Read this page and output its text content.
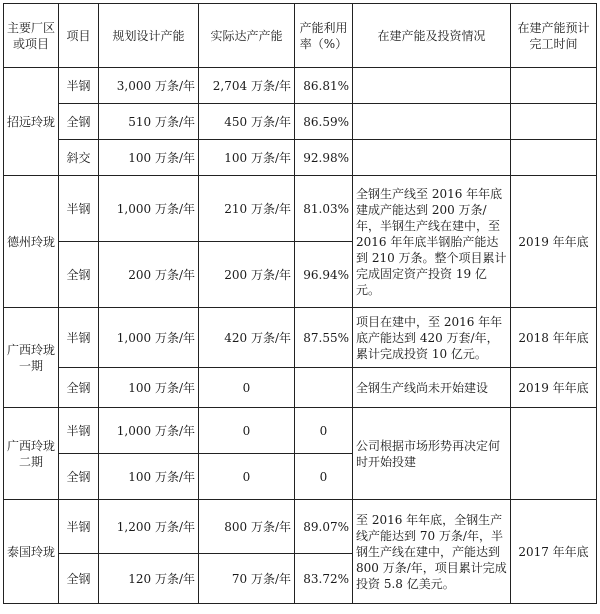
主要厂区或项目	项目	规划设计产能	实际达产产能	产能利用率（%）	在建产能及投资情况	在建产能预计完工时间
招远玲珑	半钢	3,000 万条/年	2,704 万条/年	86.81%		
	全钢	510 万条/年	450 万条/年	86.59%		
	斜交	100 万条/年	100 万条/年	92.98%		
德州玲珑	半钢	1,000 万条/年	210 万条/年	81.03%	全钢生产线至 2016 年年底建成产能达到 200 万条/年，半钢生产线在建中，至 2016 年年底半钢胎产能达到 210 万条。整个项目累计完成固定资产投资 19 亿元。	2019 年年底
	全钢	200 万条/年	200 万条/年	96.94%		
广西玲珑一期	半钢	1,000 万条/年	420 万条/年	87.55%	项目在建中，至 2016 年年底产能达到 420 万套/年，累计完成投资 10 亿元。	2018 年年底
	全钢	100 万条/年	0		全钢生产线尚未开始建设	2019 年年底
广西玲珑二期	半钢	1,000 万条/年	0	0	公司根据市场形势再决定何时开始投建	
	全钢	100 万条/年	0	0		
泰国玲珑	半钢	1,200 万条/年	800 万条/年	89.07%	至 2016 年年底，全钢生产线产能达到 70 万条/年，半钢生产线在建中，产能达到 800 万条/年，项目累计完成投资 5.8 亿美元。	2017 年年底
	全钢	120 万条/年	70 万条/年	83.72%		
